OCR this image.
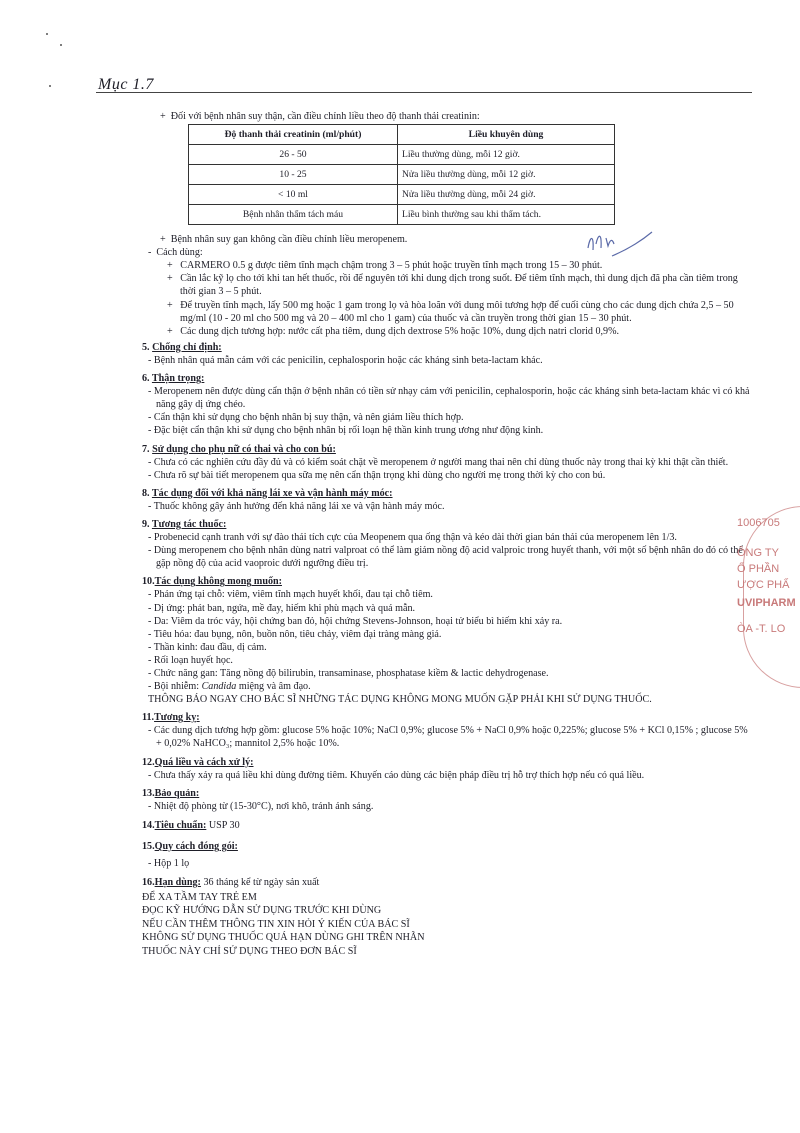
Mục 1.7
+  Đối với bệnh nhân suy thận, cần điều chỉnh liều theo độ thanh thải creatinin:
Độ thanh thải creatinin (ml/phút)	Liều khuyên dùng
26 - 50	Liều thường dùng, mỗi 12 giờ.
10 - 25	Nửa liều thường dùng, mỗi 12 giờ.
< 10 ml	Nửa liều thường dùng, mỗi 24 giờ.
Bệnh nhân thẩm tách máu	Liều bình thường sau khi thẩm tách.
+  Bệnh nhân suy gan không cần điều chỉnh liều meropenem.
-  Cách dùng:
+   CARMERO 0.5 g được tiêm tĩnh mạch chậm trong 3 – 5 phút hoặc truyền tĩnh mạch trong 15 – 30 phút.
+   Cần lắc kỹ lọ cho tới khi tan hết thuốc, rồi để nguyên tới khi dung dịch trong suốt. Để tiêm tĩnh mạch, thì dung dịch đã pha cần tiêm trong thời gian 3 – 5 phút.
+   Để truyền tĩnh mạch, lấy 500 mg hoặc 1 gam trong lọ và hòa loãn với dung môi tương hợp để cuối cùng cho các dung dịch chứa 2,5 – 50 mg/ml (10 - 20 ml cho 500 mg và 20 – 400 ml cho 1 gam) của thuốc và cần truyền trong thời gian 15 – 30 phút.
+   Các dung dịch tương hợp: nước cất pha tiêm, dung dịch dextrose 5% hoặc 10%, dung dịch natri clorid 0,9%.
5. Chống chỉ định:
- Bệnh nhân quá mẫn cảm với các penicilin, cephalosporin hoặc các kháng sinh beta-lactam khác.
6. Thận trọng:
- Meropenem nên được dùng cẩn thận ở bệnh nhân có tiền sử nhạy cảm với penicilin, cephalosporin, hoặc các kháng sinh beta-lactam khác vì có khả năng gây dị ứng chéo.
- Cẩn thận khi sử dụng cho bệnh nhân bị suy thận, và nên giảm liều thích hợp.
- Đặc biệt cẩn thận khi sử dụng cho bệnh nhân bị rối loạn hệ thần kinh trung ương như động kinh.
7. Sử dụng cho phụ nữ có thai và cho con bú:
- Chưa có các nghiên cứu đầy đủ và có kiểm soát chặt về meropenem ở người mang thai nên chỉ dùng thuốc này trong thai kỳ khi thật cần thiết.
- Chưa rõ sự bài tiết meropenem qua sữa mẹ nên cẩn thận trọng khi dùng cho người mẹ trong thời kỳ cho con bú.
8. Tác dụng đối với khả năng lái xe và vận hành máy móc:
- Thuốc không gây ảnh hưởng đến khả năng lái xe và vận hành máy móc.
9. Tương tác thuốc:
- Probenecid cạnh tranh với sự đào thải tích cực của Meopenem qua ống thận và kéo dài thời gian bán thải của meropenem lên 1/3.
- Dùng meropenem cho bệnh nhân dùng natri valproat có thể làm giảm nồng độ acid valproic trong huyết thanh, với một số bệnh nhân do đó có thể gặp nồng độ của acid vaoproic dưới ngưỡng điều trị.
10.Tác dụng không mong muốn:
- Phản ứng tại chỗ: viêm, viêm tĩnh mạch huyết khối, đau tại chỗ tiêm.
- Dị ứng: phát ban, ngứa, mề đay, hiếm khi phù mạch và quá mẫn.
- Da: Viêm da tróc vảy, hội chứng ban đỏ, hội chứng Stevens-Johnson, hoại tử biểu bì hiếm khi xảy ra.
- Tiêu hóa: đau bụng, nôn, buồn nôn, tiêu chảy, viêm đại tràng màng giả.
- Thần kinh: đau đầu, dị cảm.
- Rối loạn huyết học.
- Chức năng gan: Tăng nồng độ bilirubin, transaminase, phosphatase kiềm & lactic dehydrogenase.
- Bội nhiễm: Candida miệng và âm đạo.
THÔNG BÁO NGAY CHO BÁC SĨ NHỮNG TÁC DỤNG KHÔNG MONG MUỐN GẶP PHẢI KHI SỬ DỤNG THUỐC.
11.Tương kỵ:
- Các dung dịch tương hợp gồm: glucose 5% hoặc 10%; NaCl 0,9%; glucose 5% + NaCl 0,9% hoặc 0,225%; glucose 5% + KCl 0,15% ; glucose 5% + 0,02% NaHCO₃; mannitol 2,5% hoặc 10%.
12.Quá liều và cách xử lý:
- Chưa thấy xảy ra quá liều khi dùng đường tiêm. Khuyến cáo dùng các biện pháp điều trị hỗ trợ thích hợp nếu có quá liều.
13.Bảo quản:
- Nhiệt độ phòng từ (15-30°C), nơi khô, tránh ánh sáng.
14.Tiêu chuẩn: USP 30
15.Quy cách đóng gói:
- Hộp 1 lọ
16.Hạn dùng: 36 tháng kể từ ngày sản xuất
ĐỂ XA TẦM TAY TRẺ EM
ĐỌC KỸ HƯỚNG DẪN SỬ DỤNG TRƯỚC KHI DÙNG
NẾU CẦN THÊM THÔNG TIN XIN HỎI Ý KIẾN CỦA BÁC SĨ
KHÔNG SỬ DỤNG THUỐC QUÁ HẠN DÙNG GHI TRÊN NHÃN
THUỐC NÀY CHỈ SỬ DỤNG THEO ĐƠN BÁC SĨ
1006705
ÔNG TY
Ổ PHẦN
ƯỢC PHẨ
UVIPHARM
ÒA -T. LO
